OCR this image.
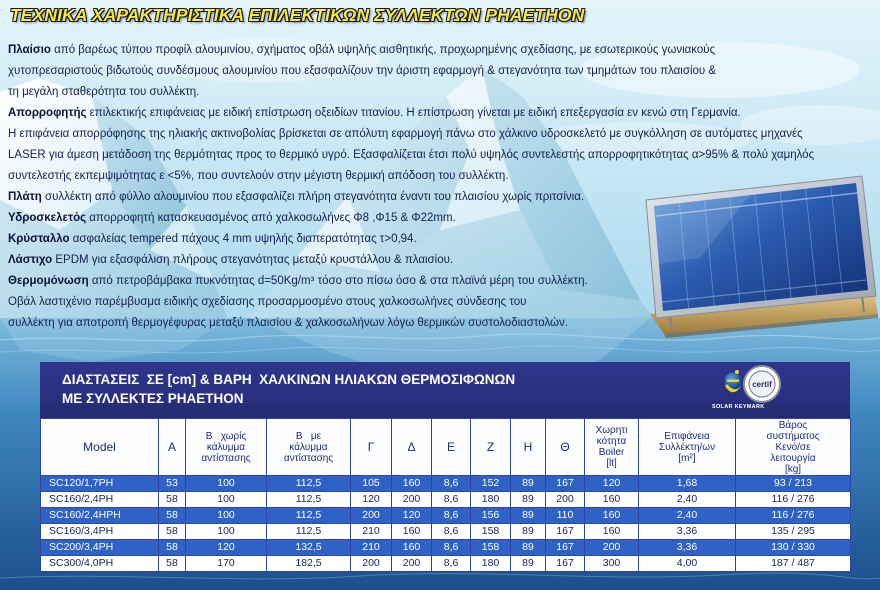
ΤΕΧΝΙΚΑ ΧΑΡΑΚΤΗΡΙΣΤΙΚΑ ΕΠΙΛΕΚΤΙΚΩΝ ΣΥΛΛΕΚΤΩΝ PHAETHON
Πλαίσιο από βαρέως τύπου προφίλ αλουμινίου, σχήματος οβάλ υψηλής αισθητικής, προχωρημένης σχεδίασης, με εσωτερικούς γωνιακούς
χυτοπρεσαριστούς βιδωτούς συνδέσμους αλουμινίου που εξασφαλίζουν την άριστη εφαρμογή & στεγανότητα των τμημάτων του πλαισίου &
τη μεγάλη σταθερότητα του συλλέκτη.
Απορροφητής επιλεκτικής επιφάνειας με ειδική επίστρωση οξειδίων τιτανίου. Η επίστρωση γίνεται με ειδική επεξεργασία εν κενώ στη Γερμανία.
Η επιφάνεια απορρόφησης της ηλιακής ακτινοβολίας βρίσκεται σε απόλυτη εφαρμογή πάνω στο χάλκινο υδροσκελετό με συγκόλληση σε αυτόματες μηχανές
LASER για άμεση μετάδοση της θερμότητας προς το θερμικό υγρό. Εξασφαλίζεται έτσι πολύ υψηλός συντελεστής απορροφητικότητας α>95% & πολύ χαμηλός
συντελεστής εκπεμψιμότητας ε <5%, που συντελούν στην μέγιστη θερμική απόδοση του συλλέκτη.
Πλάτη συλλέκτη από φύλλο αλουμινίου που εξασφαλίζει πλήρη στεγανότητα έναντι του πλαισίου χωρίς πριτσίνια.
Υδροσκελετός απορροφητή κατασκευασμένος από χαλκοσωλήνες Φ8 ,Φ15 & Φ22mm.
Κρύσταλλο ασφαλείας tempered πάχους 4 mm υψηλής διαπερατότητας τ>0,94.
Λάστιχο EPDM για εξασφάλιση πλήρους στεγανότητας μεταξύ κρυστάλλου & πλαισίου.
Θερμομόνωση από πετροβάμβακα πυκνότητας d=50Kg/m³ τόσο στο πίσω όσο & στα πλαϊνά μέρη του συλλέκτη.
Οβάλ λαστιχένιο παρέμβυσμα ειδικής σχεδίασης προσαρμοσμένο στους χαλκοσωλήνες σύνδεσης του
συλλέκτη για αποτροπή θερμογέφυρας μεταξύ πλαισίου & χαλκοσωλήνων λόγω θερμικών συστολοδιαστολών.
ΔΙΑΣΤΑΣΕΙΣ  ΣΕ [cm] & ΒΑΡΗ  ΧΑΛΚΙΝΩΝ ΗΛΙΑΚΩΝ ΘΕΡΜΟΣΙΦΩΝΩΝ
ΜΕ ΣΥΛΛΕΚΤΕΣ PHAETHON
certif
SOLAR KEYMARK
Model	Α	Β   χωρίς
κάλυμμα
αντίστασης	Β   με
κάλυμμα
αντίστασης	Γ	Δ	Ε	Ζ	Η	Θ	Χωρητι
κότητα
Boiler
[lt]	Επιφάνεια
Συλλέκτη/ων
[m²]	Βάρος
συστήματος
Κενό/σε
λειτουργία
[kg]
SC120/1,7PH	53	100	112,5	105	160	8,6	152	89	167	120	1,68	93 / 213
SC160/2,4PH	58	100	112,5	120	200	8,6	180	89	200	160	2,40	116 / 276
SC160/2,4HPH	58	100	112,5	200	120	8,6	156	89	110	160	2,40	116 / 276
SC160/3,4PH	58	100	112,5	210	160	8,6	158	89	167	160	3,36	135 / 295
SC200/3,4PH	58	120	132,5	210	160	8,6	158	89	167	200	3,36	130 / 330
SC300/4,0PH	58	170	182,5	200	200	8,6	180	89	167	300	4,00	187 / 487
